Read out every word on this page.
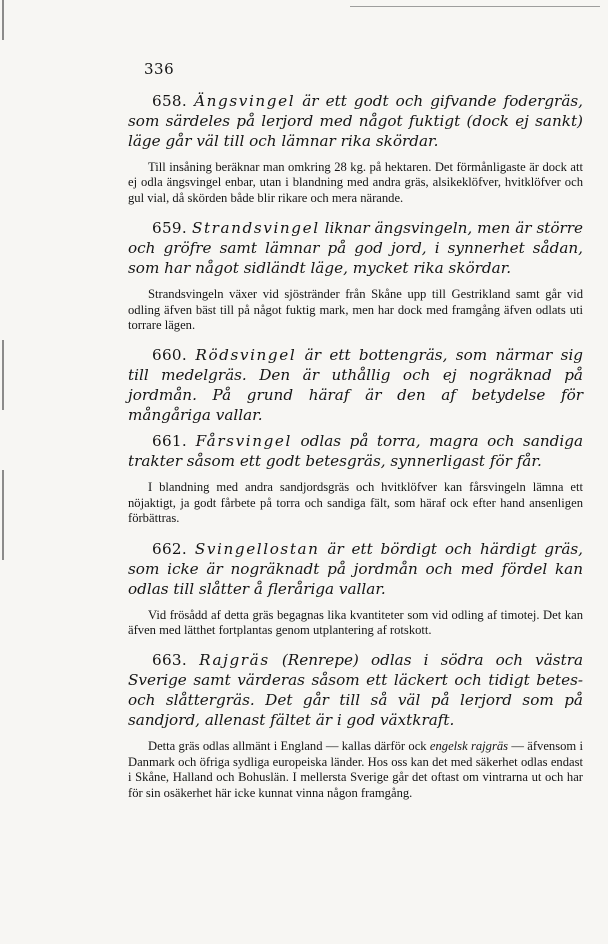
336

658. Ängsvingel är ett godt och gifvande fodergräs, som särdeles på lerjord med något fuktigt (dock ej sankt) läge går väl till och lämnar rika skördar.

Till insåning beräknar man omkring 28 kg. på hektaren. Det förmånligaste är dock att ej odla ängsvingel enbar, utan i blandning med andra gräs, alsikeklöfver, hvitklöfver och gul vial, då skörden både blir rikare och mera närande.

659. Strandsvingel liknar ängsvingeln, men är större och gröfre samt lämnar på god jord, i synnerhet sådan, som har något sidländt läge, mycket rika skördar.

Strandsvingeln växer vid sjöstränder från Skåne upp till Gestrikland samt går vid odling äfven bäst till på något fuktig mark, men har dock med framgång äfven odlats uti torrare lägen.

660. Rödsvingel är ett bottengräs, som närmar sig till medelgräs. Den är uthållig och ej nogräknad på jordmån. På grund häraf är den af betydelse för mångåriga vallar.

661. Fårsvingel odlas på torra, magra och sandiga trakter såsom ett godt betesgräs, synnerligast för får.

I blandning med andra sandjordsgräs och hvitklöfver kan fårsvingeln lämna ett nöjaktigt, ja godt fårbete på torra och sandiga fält, som häraf ock efter hand ansenligen förbättras.

662. Svingellostan är ett bördigt och härdigt gräs, som icke är nogräknadt på jordmån och med fördel kan odlas till slåtter å fleråriga vallar.

Vid frösådd af detta gräs begagnas lika kvantiteter som vid odling af timotej. Det kan äfven med lätthet fortplantas genom utplantering af rotskott.

663. Rajgräs (Renrepe) odlas i södra och västra Sverige samt värderas såsom ett läckert och tidigt betes- och slåttergräs. Det går till så väl på lerjord som på sandjord, allenast fältet är i god växtkraft.

Detta gräs odlas allmänt i England — kallas därför ock engelsk rajgräs — äfvensom i Danmark och öfriga sydliga europeiska länder. Hos oss kan det med säkerhet odlas endast i Skåne, Halland och Bohuslän. I mellersta Sverige går det oftast om vintrarna ut och har för sin osäkerhet här icke kunnat vinna någon framgång.
